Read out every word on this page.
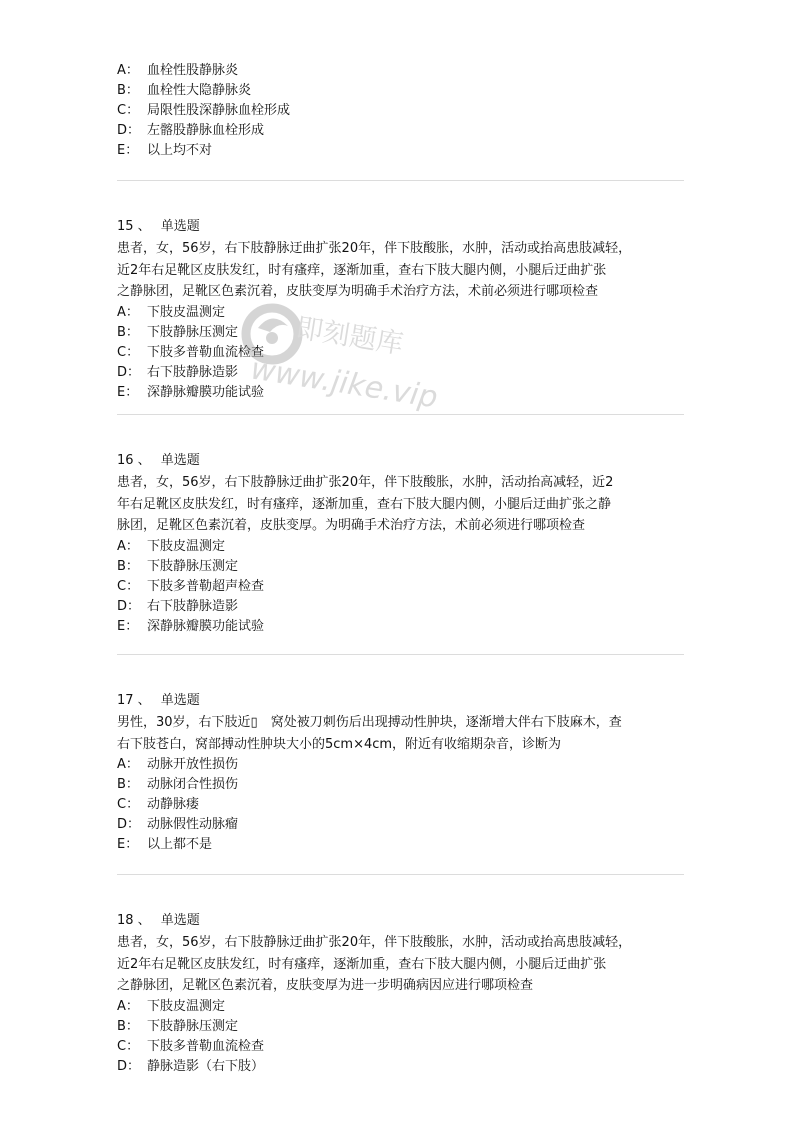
A： 血栓性股静脉炎
B： 血栓性大隐静脉炎
C： 局限性股深静脉血栓形成
D： 左髂股静脉血栓形成
E： 以上均不对
15 、 单选题
患者，女，56岁，右下肢静脉迂曲扩张20年，伴下肢酸胀，水肿，活动或抬高患肢减轻，
近2年右足靴区皮肤发红，时有瘙痒，逐渐加重，查右下肢大腿内侧，小腿后迂曲扩张
之静脉团，足靴区色素沉着，皮肤变厚为明确手术治疗方法，术前必须进行哪项检查
A： 下肢皮温测定
B： 下肢静脉压测定
C： 下肢多普勒血流检查
D： 右下肢静脉造影
E： 深静脉瓣膜功能试验
16 、 单选题
患者，女，56岁，右下肢静脉迂曲扩张20年，伴下肢酸胀，水肿，活动抬高减轻，近2
年右足靴区皮肤发红，时有瘙痒，逐渐加重，查右下肢大腿内侧，小腿后迂曲扩张之静
脉团，足靴区色素沉着，皮肤变厚。为明确手术治疗方法，术前必须进行哪项检查
A： 下肢皮温测定
B： 下肢静脉压测定
C： 下肢多普勒超声检查
D： 右下肢静脉造影
E： 深静脉瓣膜功能试验
17 、 单选题
男性，30岁，右下肢近▯　窝处被刀刺伤后出现搏动性肿块，逐渐增大伴右下肢麻木，查
右下肢苍白，窝部搏动性肿块大小的5cm×4cm，附近有收缩期杂音，诊断为
A： 动脉开放性损伤
B： 动脉闭合性损伤
C： 动静脉瘘
D： 动脉假性动脉瘤
E： 以上都不是
18 、 单选题
患者，女，56岁，右下肢静脉迂曲扩张20年，伴下肢酸胀，水肿，活动或抬高患肢减轻，
近2年右足靴区皮肤发红，时有瘙痒，逐渐加重，查右下肢大腿内侧，小腿后迂曲扩张
之静脉团，足靴区色素沉着，皮肤变厚为进一步明确病因应进行哪项检查
A： 下肢皮温测定
B： 下肢静脉压测定
C： 下肢多普勒血流检查
D： 静脉造影（右下肢）
即刻题库
www.jike.vip
